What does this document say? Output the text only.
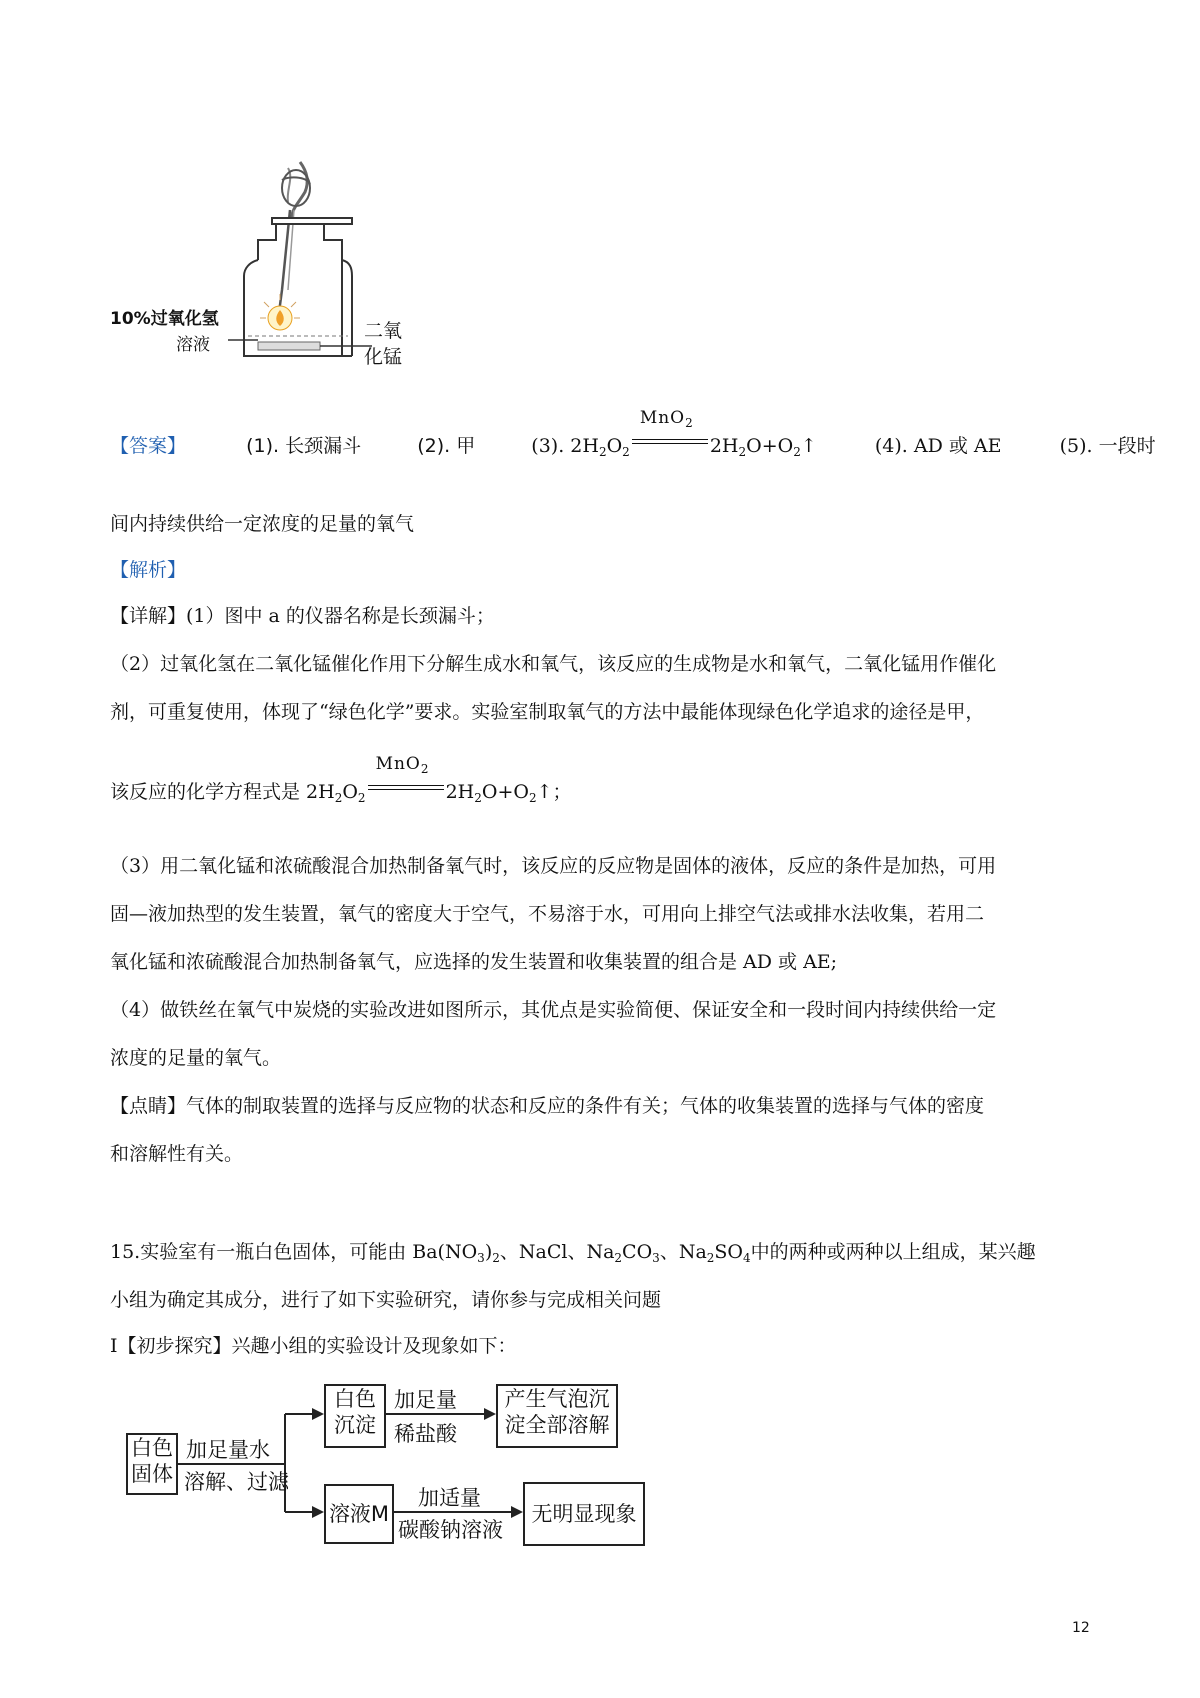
10%过氧化氢
溶液
二氧
化锰
【答案】	(1). 长颈漏斗	(2). 甲	(3). $2H_2O_2$
MnO$_2$
$2H_2O+O_2↑$	(4). AD 或 AE	(5). 一段时
间内持续供给一定浓度的足量的氧气
【解析】
【详解】(1）图中 a 的仪器名称是长颈漏斗；
（2）过氧化氢在二氧化锰催化作用下分解生成水和氧气，该反应的生成物是水和氧气，二氧化锰用作催化
剂，可重复使用，体现了“绿色化学”要求。实验室制取氧气的方法中最能体现绿色化学追求的途径是甲，
该反应的化学方程式是 $2H_2O_2$
MnO$_2$
$2H_2O+O_2↑$；
（3）用二氧化锰和浓硫酸混合加热制备氧气时，该反应的反应物是固体的液体，反应的条件是加热，可用
固—液加热型的发生装置，氧气的密度大于空气，不易溶于水，可用向上排空气法或排水法收集，若用二
氧化锰和浓硫酸混合加热制备氧气，应选择的发生装置和收集装置的组合是 AD 或 AE;
（4）做铁丝在氧气中炭烧的实验改进如图所示，其优点是实验简便、保证安全和一段时间内持续供给一定
浓度的足量的氧气。
【点睛】气体的制取装置的选择与反应物的状态和反应的条件有关；气体的收集装置的选择与气体的密度
和溶解性有关。
15.实验室有一瓶白色固体，可能由 $Ba(NO_3)_2$、NaCl、$Na_2CO_3$、$Na_2SO_4$中的两种或两种以上组成，某兴趣
小组为确定其成分，进行了如下实验研究，请你参与完成相关问题
Ⅰ【初步探究】兴趣小组的实验设计及现象如下：
白色
固体
加足量水
溶解、过滤
白色
沉淀
加足量
稀盐酸
产生气泡沉
淀全部溶解
溶液M
加适量
碳酸钠溶液
无明显现象
12
